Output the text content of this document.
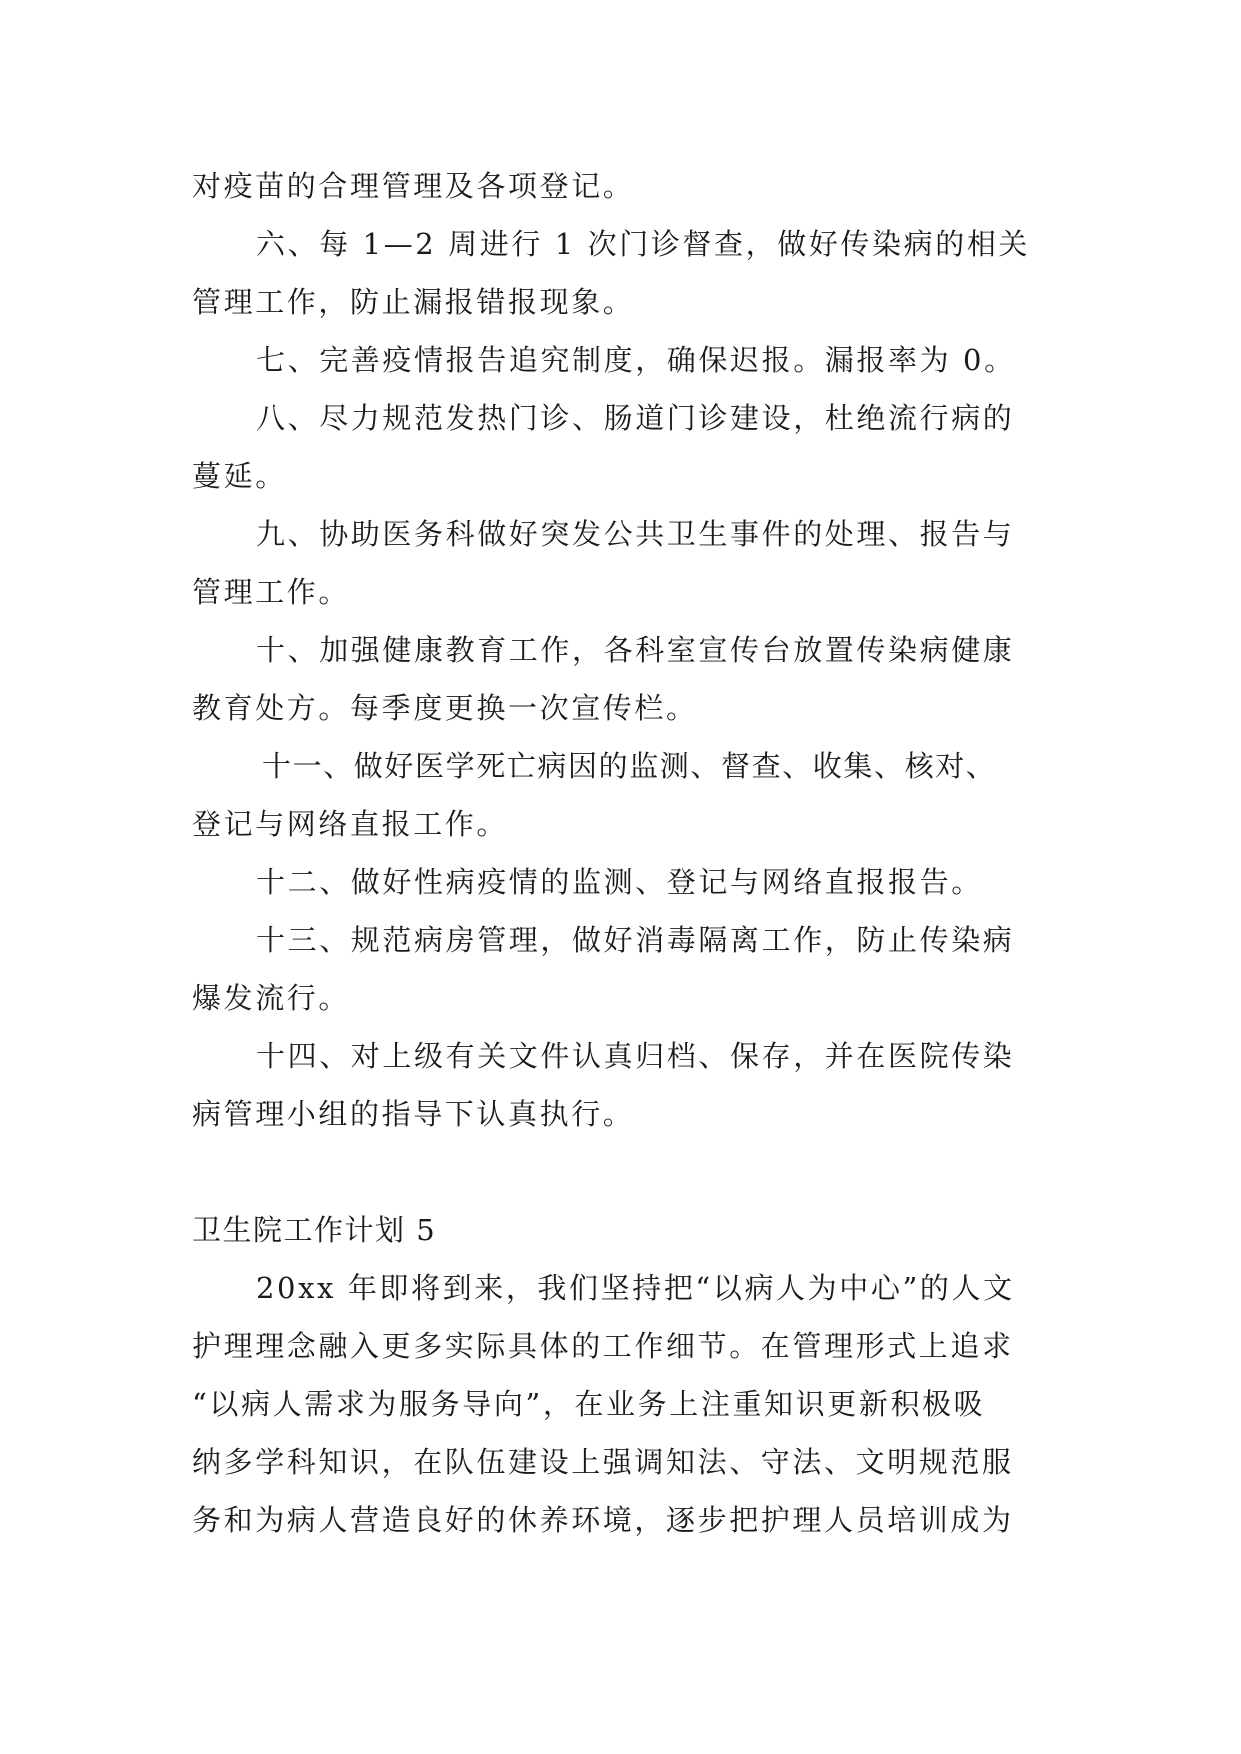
对疫苗的合理管理及各项登记。
六、每 1—2 周进行 1 次门诊督查，做好传染病的相关
管理工作，防止漏报错报现象。
七、完善疫情报告追究制度，确保迟报。漏报率为 0。
八、尽力规范发热门诊、肠道门诊建设，杜绝流行病的
蔓延。
九、协助医务科做好突发公共卫生事件的处理、报告与
管理工作。
十、加强健康教育工作，各科室宣传台放置传染病健康
教育处方。每季度更换一次宣传栏。
十一、做好医学死亡病因的监测、督查、收集、核对、
登记与网络直报工作。
十二、做好性病疫情的监测、登记与网络直报报告。
十三、规范病房管理，做好消毒隔离工作，防止传染病
爆发流行。
十四、对上级有关文件认真归档、保存，并在医院传染
病管理小组的指导下认真执行。
卫生院工作计划 5
20xx 年即将到来，我们坚持把“以病人为中心”的人文
护理理念融入更多实际具体的工作细节。在管理形式上追求
“以病人需求为服务导向”，在业务上注重知识更新积极吸
纳多学科知识，在队伍建设上强调知法、守法、文明规范服
务和为病人营造良好的休养环境，逐步把护理人员培训成为
